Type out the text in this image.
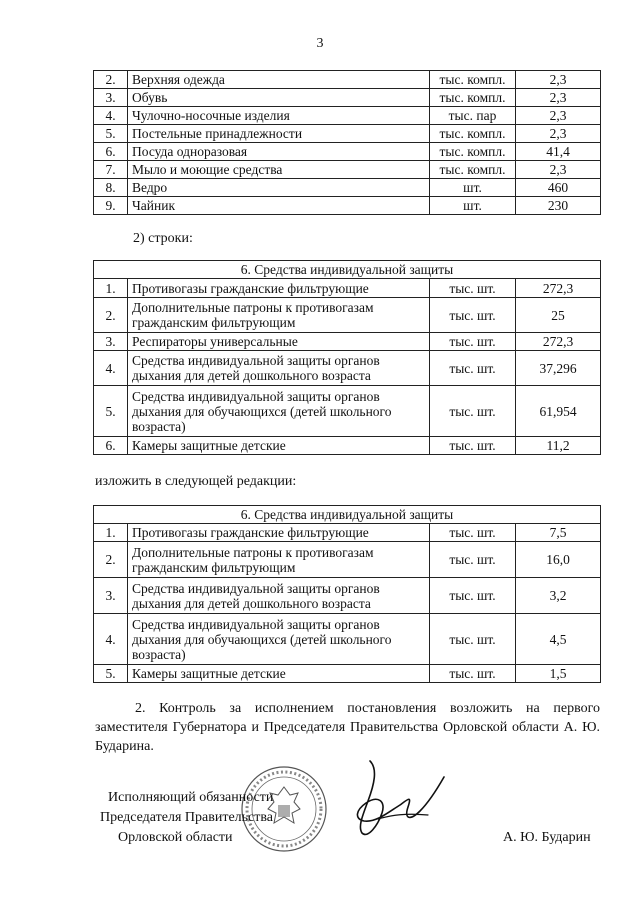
3
2.	Верхняя одежда	тыс. компл.	2,3
3.	Обувь	тыс. компл.	2,3
4.	Чулочно-носочные изделия	тыс. пар	2,3
5.	Постельные принадлежности	тыс. компл.	2,3
6.	Посуда одноразовая	тыс. компл.	41,4
7.	Мыло и моющие средства	тыс. компл.	2,3
8.	Ведро	шт.	460
9.	Чайник	шт.	230
2) строки:
6. Средства индивидуальной защиты			
1.	Противогазы гражданские фильтрующие	тыс. шт.	272,3
2.	Дополнительные патроны к противогазам гражданским фильтрующим	тыс. шт.	25
3.	Респираторы универсальные	тыс. шт.	272,3
4.	Средства индивидуальной защиты органов дыхания для детей дошкольного возраста	тыс. шт.	37,296
5.	Средства индивидуальной защиты органов дыхания для обучающихся (детей школьного возраста)	тыс. шт.	61,954
6.	Камеры защитные детские	тыс. шт.	11,2
изложить в следующей редакции:
6. Средства индивидуальной защиты			
1.	Противогазы гражданские фильтрующие	тыс. шт.	7,5
2.	Дополнительные патроны к противогазам гражданским фильтрующим	тыс. шт.	16,0
3.	Средства индивидуальной защиты органов дыхания для детей дошкольного возраста	тыс. шт.	3,2
4.	Средства индивидуальной защиты органов дыхания для обучающихся (детей школьного возраста)	тыс. шт.	4,5
5.	Камеры защитные детские	тыс. шт.	1,5
2. Контроль за исполнением постановления возложить на первого заместителя Губернатора и Председателя Правительства Орловской области А. Ю. Бударина.
Исполняющий обязанности
Председателя Правительства
Орловской области	А. Ю. Бударин
